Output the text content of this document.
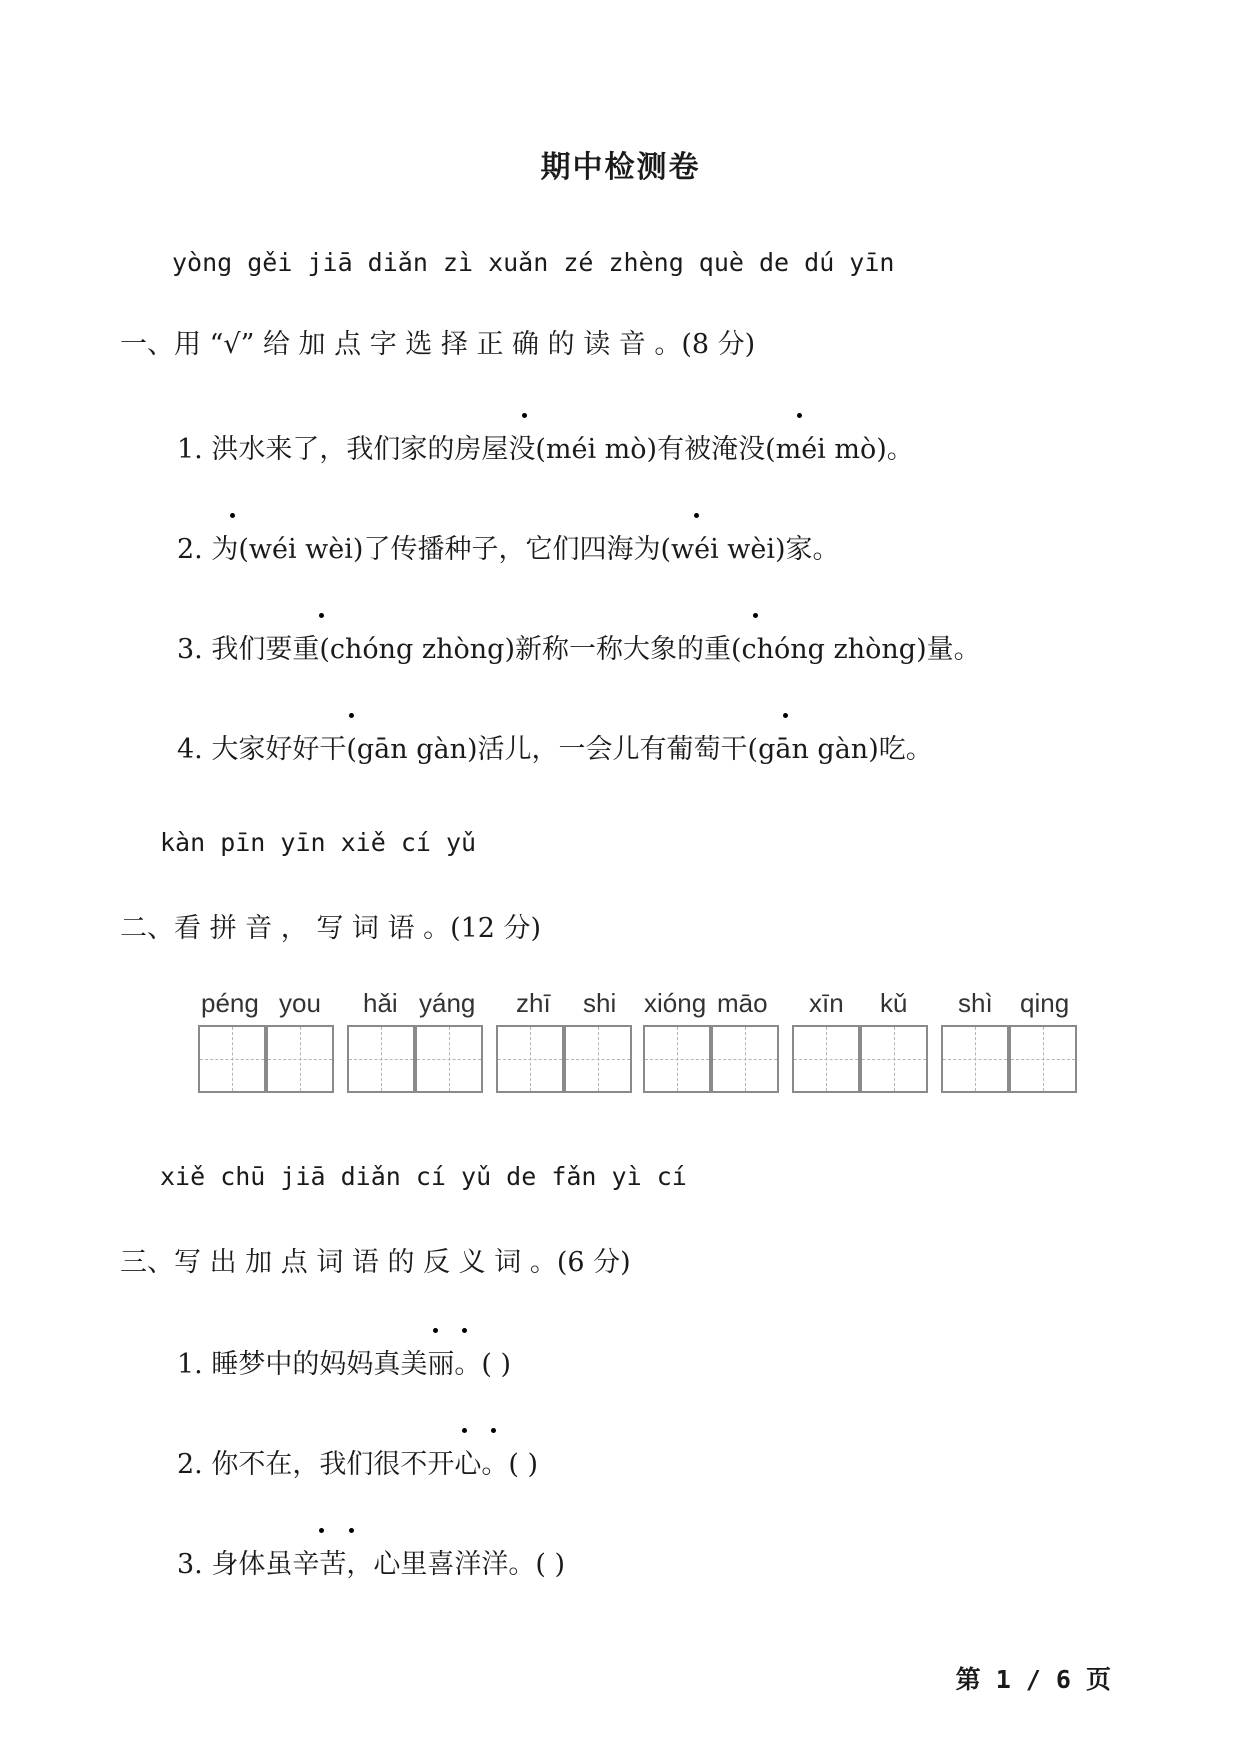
期中检测卷
yòng gěi jiā diǎn zì xuǎn zé zhèng què de dú yīn
一、用 “√” 给 加 点 字 选 择 正 确 的 读 音 。(8 分)
1. 洪水来了，我们家的房屋没(méi mò)有被淹没(méi mò)。
2. 为(wéi wèi)了传播种子，它们四海为(wéi wèi)家。
3. 我们要重(chóng zhòng)新称一称大象的重(chóng zhòng)量。
4. 大家好好干(gān gàn)活儿，一会儿有葡萄干(gān gàn)吃。
kàn pīn yīn xiě cí yǔ
二、看 拼 音 ， 写 词 语 。(12 分)
péng you hǎi yáng zhī shi xióng māo xīn kǔ shì qing
xiě chū jiā diǎn cí yǔ de fǎn yì cí
三、写 出 加 点 词 语 的 反 义 词 。(6 分)
1. 睡梦中的妈妈真美丽。( )
2. 你不在，我们很不开心。( )
3. 身体虽辛苦，心里喜洋洋。( )
第 1 / 6 页
